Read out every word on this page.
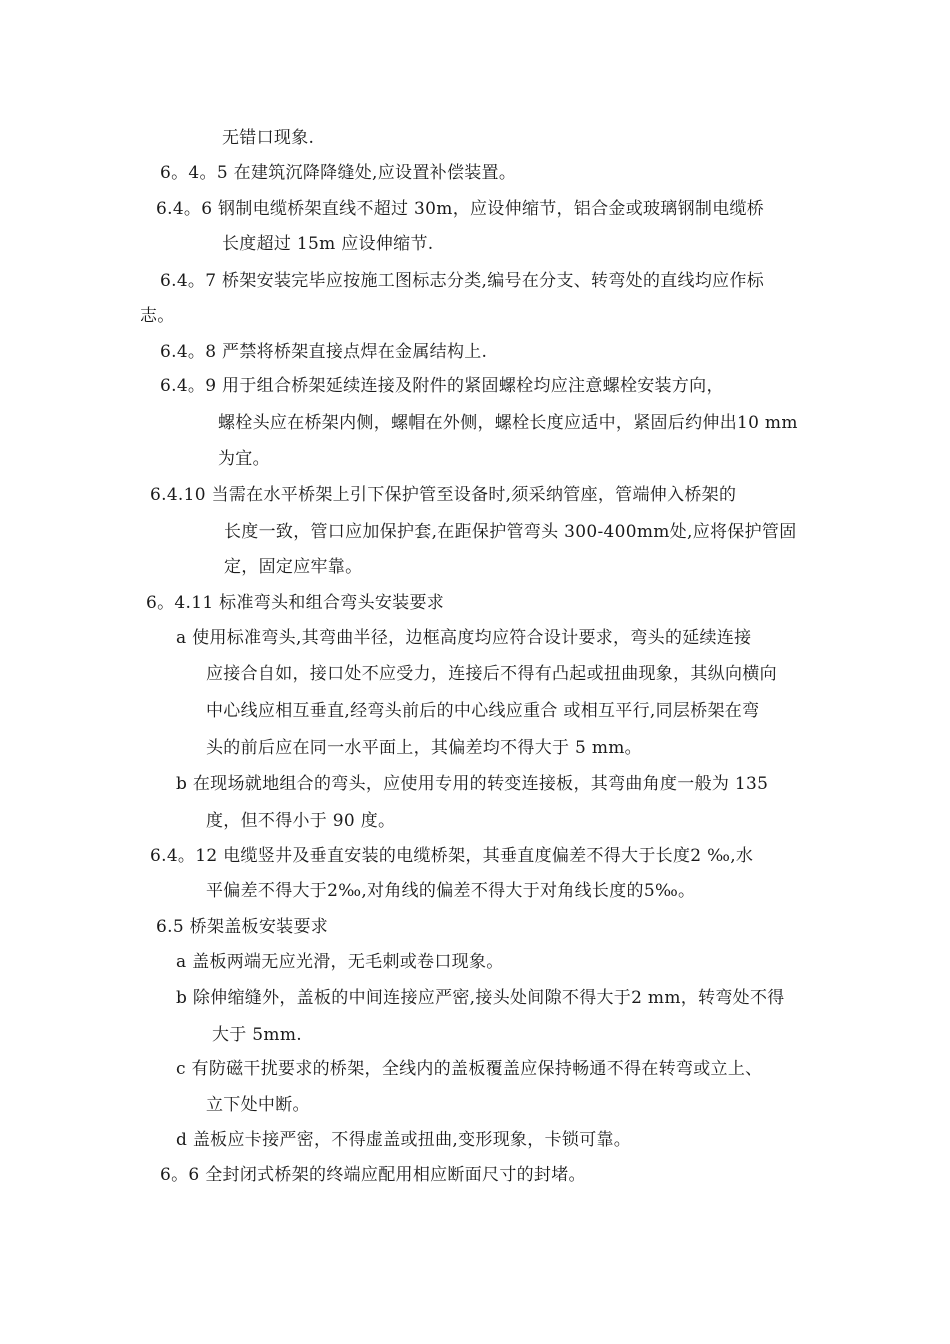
无错口现象.
6。4。5 在建筑沉降降缝处,应设置补偿装置。
6.4。6 钢制电缆桥架直线不超过 30m，应设伸缩节，铝合金或玻璃钢制电缆桥
长度超过 15m 应设伸缩节.
6.4。7 桥架安装完毕应按施工图标志分类,编号在分支、转弯处的直线均应作标
志。
6.4。8 严禁将桥架直接点焊在金属结构上.
6.4。9 用于组合桥架延续连接及附件的紧固螺栓均应注意螺栓安装方向，
螺栓头应在桥架内侧，螺帽在外侧，螺栓长度应适中，紧固后约伸出10 mm
为宜。
6.4.10 当需在水平桥架上引下保护管至设备时,须采纳管座，管端伸入桥架的
长度一致，管口应加保护套,在距保护管弯头 300-400mm处,应将保护管固
定，固定应牢靠。
6。4.11 标准弯头和组合弯头安装要求
a 使用标准弯头,其弯曲半径，边框高度均应符合设计要求，弯头的延续连接
应接合自如，接口处不应受力，连接后不得有凸起或扭曲现象，其纵向横向
中心线应相互垂直,经弯头前后的中心线应重合 或相互平行,同层桥架在弯
头的前后应在同一水平面上，其偏差均不得大于 5 mm。
b 在现场就地组合的弯头，应使用专用的转变连接板，其弯曲角度一般为 135
度，但不得小于 90 度。
6.4。12 电缆竖井及垂直安装的电缆桥架，其垂直度偏差不得大于长度2 ‰,水
平偏差不得大于2‰,对角线的偏差不得大于对角线长度的5‰。
6.5 桥架盖板安装要求
a 盖板两端无应光滑，无毛刺或卷口现象。
b 除伸缩缝外，盖板的中间连接应严密,接头处间隙不得大于2 mm，转弯处不得
大于 5mm.
c 有防磁干扰要求的桥架，全线内的盖板覆盖应保持畅通不得在转弯或立上、
立下处中断。
d 盖板应卡接严密，不得虚盖或扭曲,变形现象，卡锁可靠。
6。6 全封闭式桥架的终端应配用相应断面尺寸的封堵。
